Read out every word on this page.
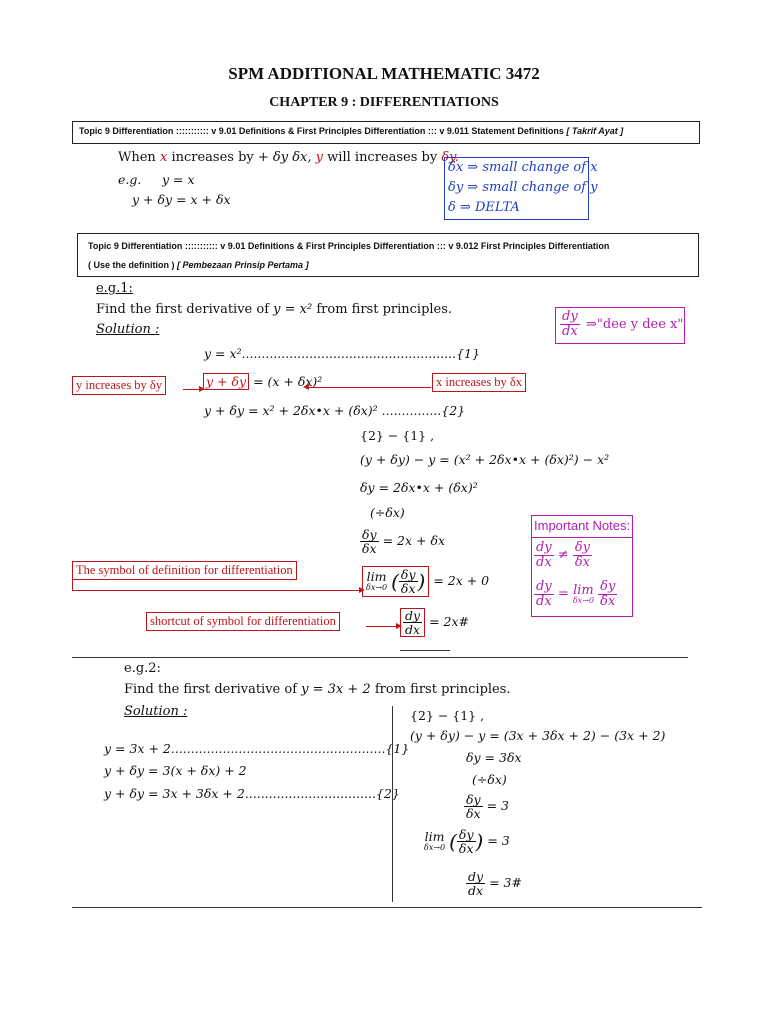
SPM ADDITIONAL MATHEMATIC 3472
CHAPTER 9 : DIFFERENTIATIONS
Topic 9 Differentiation ::::::::::: v 9.01 Definitions & First Principles Differentiation ::: v 9.011 Statement Definitions [ Takrif Ayat ]
When x increases by + δy δx, y will increases by δy.
e.g. y = x
y + δy = x + δx
δx ⇒ small change of x
δy ⇒ small change of y
δ ⇒ DELTA
Topic 9 Differentiation ::::::::::: v 9.01 Definitions & First Principles Differentiation ::: v 9.012 First Principles Differentiation
( Use the definition ) [ Pembezaan Prinsip Pertama ]
e.g.1:
Find the first derivative of y = x² from first principles.
Solution :	$\frac{dy}{dx}$ ⇒"dee y dee x"
y = x²......................................................{1}
y increases by δy	y + δy = (x + δx)²	x increases by δx
y + δy = x² + 2δx•x + (δx)² ...............{2}
{2} − {1} ,
(y + δy) − y = (x² + 2δx•x + (δx)²) − x²
δy = 2δx•x + (δx)²
(÷δx)
$\frac{\delta y}{\delta x} = 2x + \delta x$
The symbol of definition for differentiation	lim
δx→0 ( $\frac{\delta y}{\delta x}$ ) = 2x + 0
shortcut of symbol for differentiation	$\frac{dy}{dx}$ = 2x#
Important Notes:
$\frac{dy}{dx} \ne \frac{\delta y}{\delta x}$
$\frac{dy}{dx} = \lim$
δx→0
$\frac{\delta y}{\delta x}$
e.g.2:
Find the first derivative of y = 3x + 2 from first principles.
Solution :
y = 3x + 2......................................................{1}
y + δy = 3(x + δx) + 2
y + δy = 3x + 3δx + 2.................................{2}
{2} − {1} ,
(y + δy) − y = (3x + 3δx + 2) − (3x + 2)
δy = 3δx
(÷δx)
$\frac{\delta y}{\delta x} = 3$
lim
δx→0 ( $\frac{\delta y}{\delta x}$ ) = 3
$\frac{dy}{dx}$ = 3#
